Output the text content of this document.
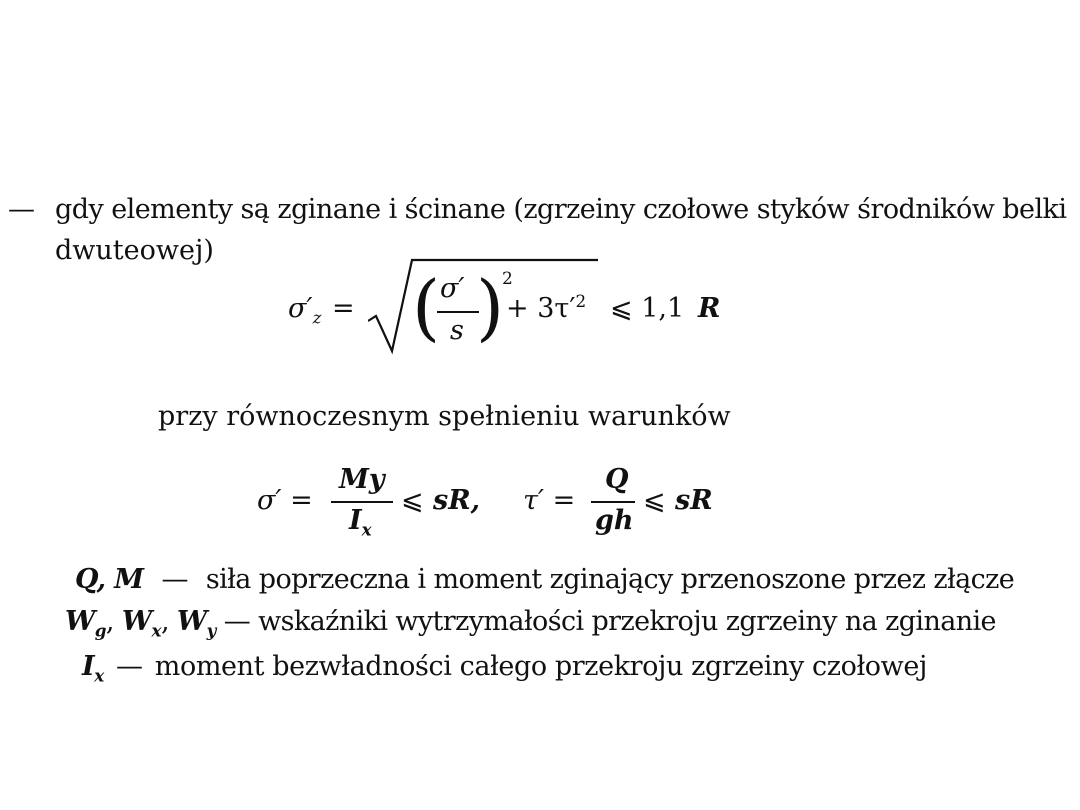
— gdy elementy są zginane i ścinane (zgrzeiny czołowe styków środników belki
dwuteowej)
$\sigma'_z$ = ( σ′
s )
2
+ $3\tau'^2$ ⩽ 1,1 R
przy równoczesnym spełnieniu warunków
σ′ =
My
$I_x$
⩽ sR, τ′ =
Q
gh
⩽ sR
Q, M — siła poprzeczna i moment zginający przenoszone przez złącze
$W_g$, $W_x$, $W_y$ — wskaźniki wytrzymałości przekroju zgrzeiny na zginanie
$I_x$ — moment bezwładności całego przekroju zgrzeiny czołowej
